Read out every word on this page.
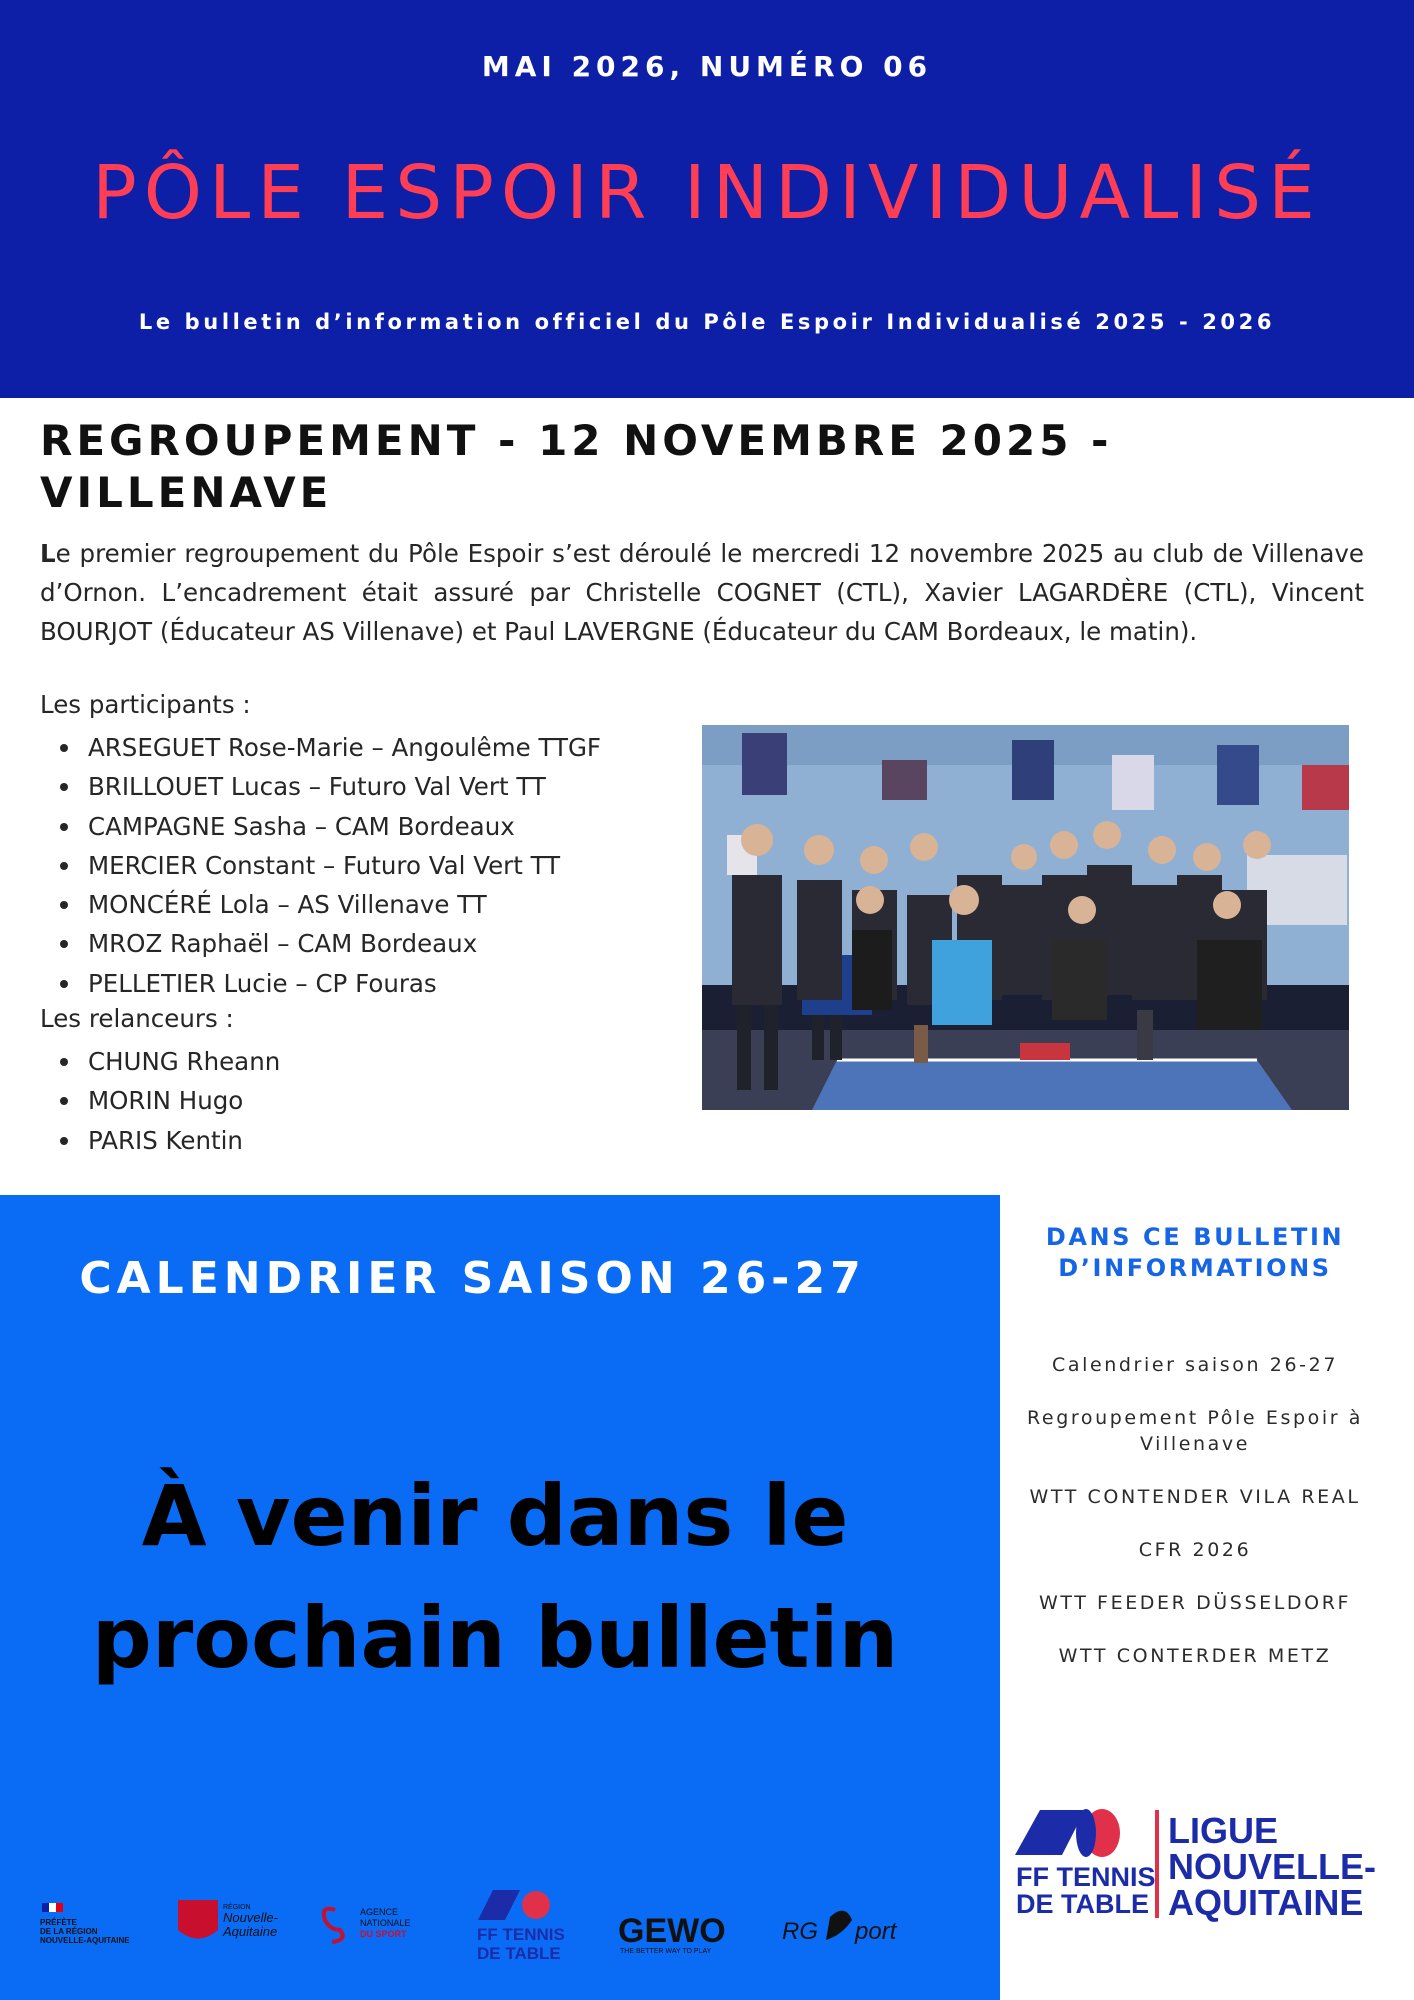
MAI 2026, NUMÉRO 06
PÔLE ESPOIR INDIVIDUALISÉ
Le bulletin d’information officiel du Pôle Espoir Individualisé 2025 - 2026
REGROUPEMENT - 12 NOVEMBRE 2025 -
VILLENAVE
Le premier regroupement du Pôle Espoir s’est déroulé le mercredi 12 novembre 2025 au club de Villenave d’Ornon. L’encadrement était assuré par Christelle COGNET (CTL), Xavier LAGARDÈRE (CTL), Vincent BOURJOT (Éducateur AS Villenave) et Paul LAVERGNE (Éducateur du CAM Bordeaux, le matin).
Les participants :
ARSEGUET Rose-Marie – Angoulême TTGF
BRILLOUET Lucas – Futuro Val Vert TT
CAMPAGNE Sasha – CAM Bordeaux
MERCIER Constant – Futuro Val Vert TT
MONCÉRÉ Lola – AS Villenave TT
MROZ Raphaël – CAM Bordeaux
PELLETIER Lucie – CP Fouras
Les relanceurs :
CHUNG Rheann
MORIN Hugo
PARIS Kentin
CALENDRIER SAISON 26-27
À venir dans le
prochain bulletin
PRÉFÈTE
DE LA RÉGION
NOUVELLE-AQUITAINE
RÉGION
Nouvelle-
Aquitaine
AGENCE
NATIONALE
DU SPORT	FF TENNIS
DE TABLE
GEWO
THE BETTER WAY TO PLAY
RG port
DANS CE BULLETIN
D’INFORMATIONS
Calendrier saison 26-27
Regroupement Pôle Espoir à Villenave
WTT CONTENDER VILA REAL
CFR 2026
WTT FEEDER DÜSSELDORF
WTT CONTERDER METZ
FF TENNIS
DE TABLE
LIGUE
NOUVELLE-
AQUITAINE
